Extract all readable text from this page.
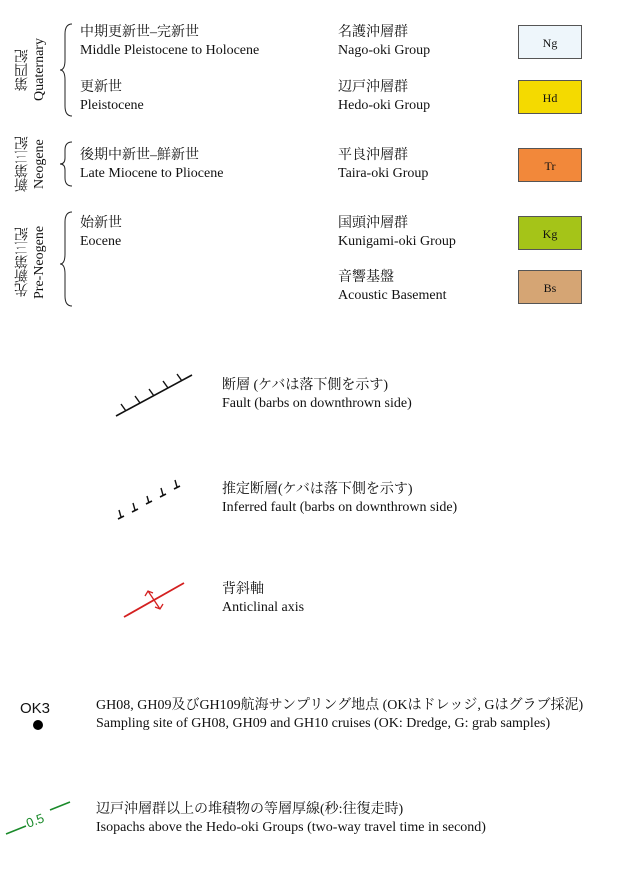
第四紀 Quaternary
新第三紀 Neogene
先新第三紀 Pre-Neogene
中期更新世–完新世
Middle Pleistocene to Holocene
更新世
Pleistocene
後期中新世–鮮新世
Late Miocene to Pliocene
始新世
Eocene
名護沖層群
Nago-oki Group
辺戸沖層群
Hedo-oki Group
平良沖層群
Taira-oki Group
国頭沖層群
Kunigami-oki Group
音響基盤
Acoustic Basement
Ng
Hd
Tr
Kg
Bs
断層 (ケバは落下側を示す)
Fault (barbs on downthrown side)
推定断層(ケバは落下側を示す)
Inferred fault (barbs on downthrown side)
背斜軸
Anticlinal axis
OK3	GH08, GH09及びGH109航海サンプリング地点 (OKはドレッジ, Gはグラブ採泥)
Sampling site of GH08, GH09 and GH10 cruises (OK: Dredge, G: grab samples)
0.5
辺戸沖層群以上の堆積物の等層厚線(秒:往復走時)
Isopachs above the Hedo-oki Groups (two-way travel time in second)
